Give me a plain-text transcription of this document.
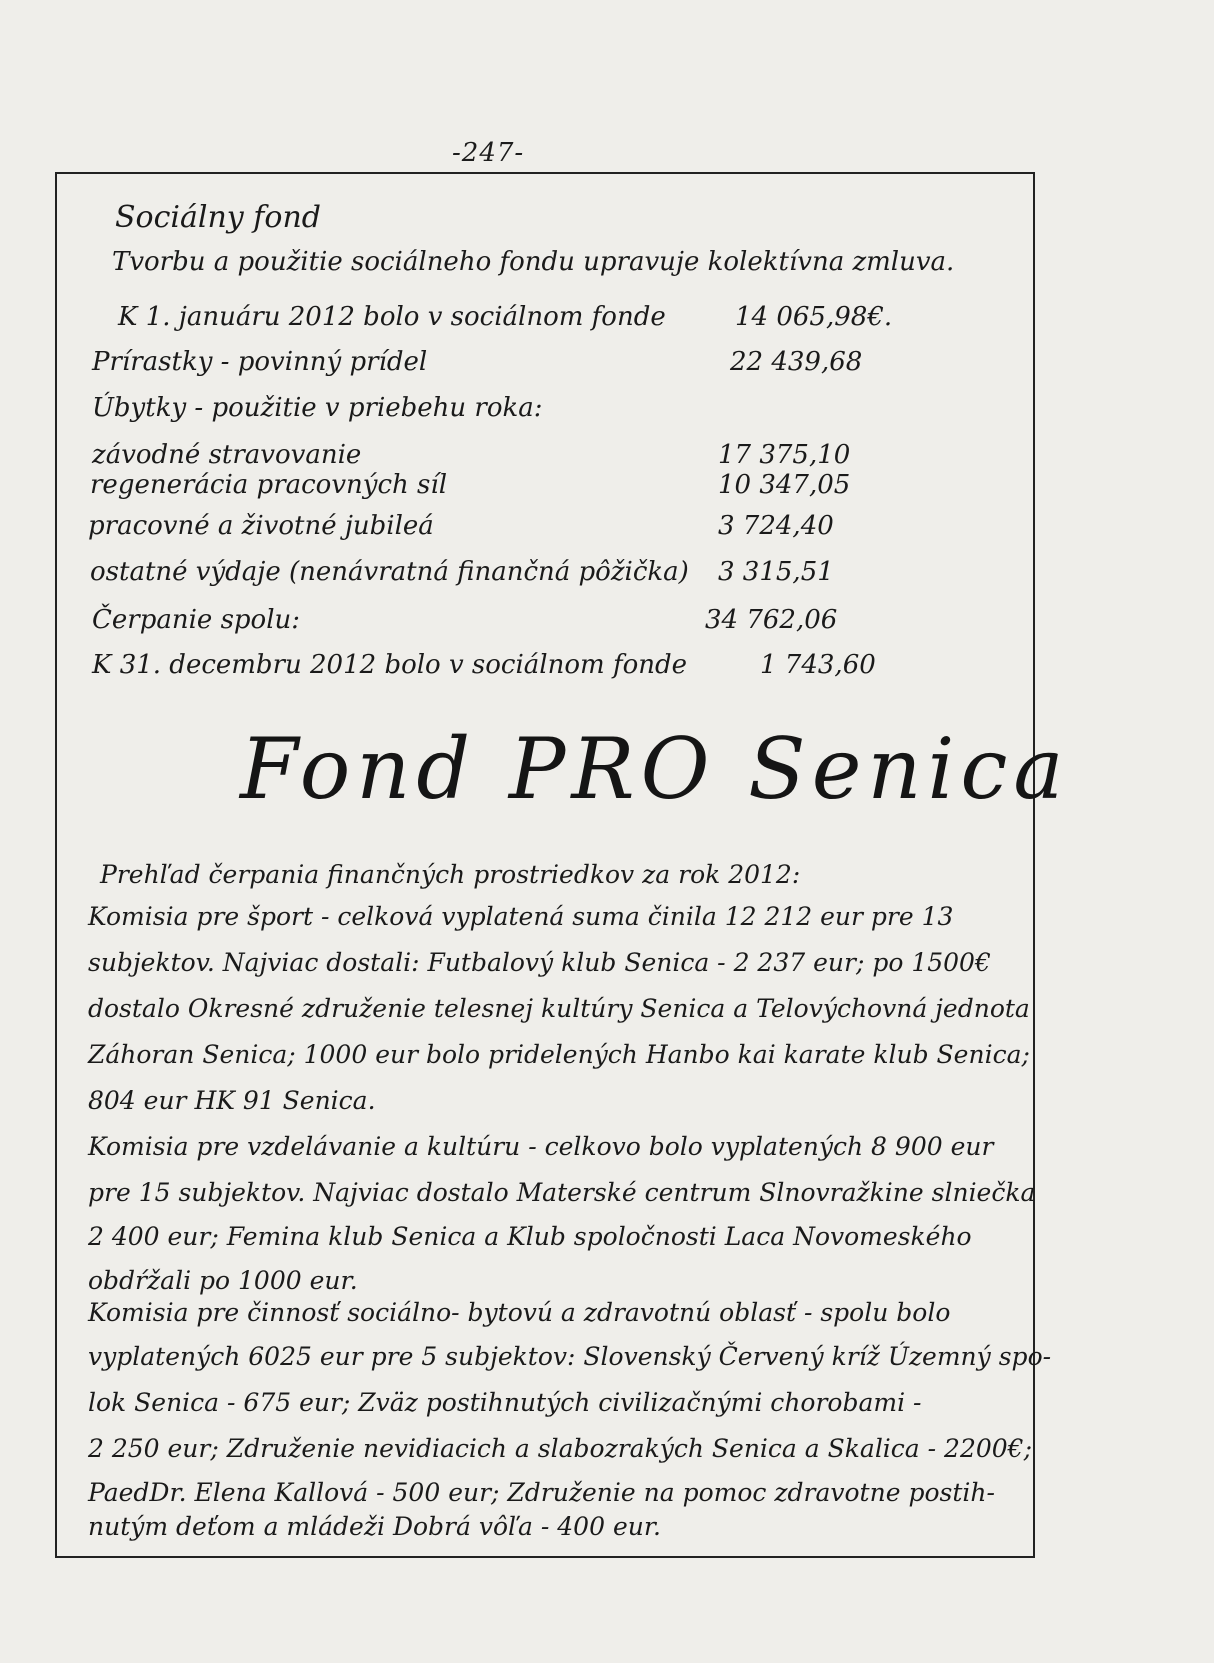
-247-
Sociálny fond
Tvorbu a použitie sociálneho fondu upravuje kolektívna zmluva.
K 1. januáru 2012 bolo v sociálnom fonde	14 065,98€.
Prírastky - povinný prídel	22 439,68
Úbytky - použitie v priebehu roka:
závodné stravovanie	17 375,10
regenerácia pracovných síl	10 347,05
pracovné a životné jubileá	3 724,40
ostatné výdaje (nenávratná finančná pôžička) 3 315,51
Čerpanie spolu:	34 762,06
K 31. decembru 2012 bolo v sociálnom fonde	1 743,60
Fond PRO Senica
Prehľad čerpania finančných prostriedkov za rok 2012:
Komisia pre šport - celková vyplatená suma činila 12 212 eur pre 13
subjektov. Najviac dostali: Futbalový klub Senica - 2 237 eur; po 1500€
dostalo Okresné združenie telesnej kultúry Senica a Telovýchovná jednota
Záhoran Senica; 1000 eur bolo pridelených Hanbo kai karate klub Senica;
804 eur HK 91 Senica.
Komisia pre vzdelávanie a kultúru - celkovo bolo vyplatených 8 900 eur
pre 15 subjektov. Najviac dostalo Materské centrum Slnovražkine slniečka
2 400 eur; Femina klub Senica a Klub spoločnosti Laca Novomeského
obdŕžali po 1000 eur.
Komisia pre činnosť sociálno- bytovú a zdravotnú oblasť - spolu bolo
vyplatených 6025 eur pre 5 subjektov: Slovenský Červený kríž Územný spo-
lok Senica - 675 eur; Zväz postihnutých civilizačnými chorobami -
2 250 eur; Združenie nevidiacich a slabozrakých Senica a Skalica - 2200€;
PaedDr. Elena Kallová - 500 eur; Združenie na pomoc zdravotne postih-
nutým deťom a mládeži Dobrá vôľa - 400 eur.
